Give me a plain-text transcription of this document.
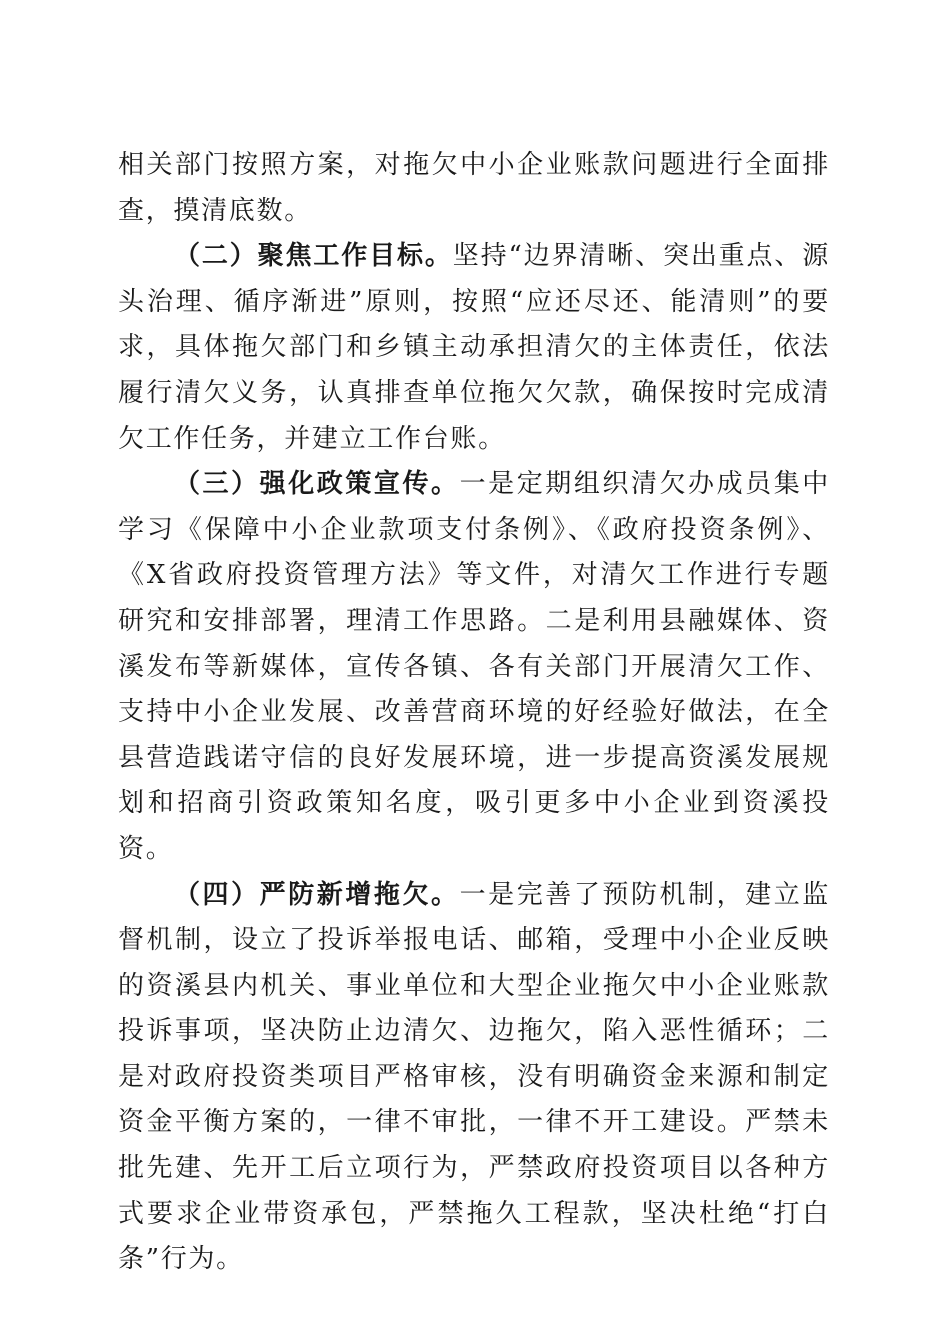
相关部门按照方案，对拖欠中小企业账款问题进行全面排查，摸清底数。

（二）聚焦工作目标。坚持“边界清晰、突出重点、源头治理、循序渐进”原则，按照“应还尽还、能清则”的要求，具体拖欠部门和乡镇主动承担清欠的主体责任，依法履行清欠义务，认真排查单位拖欠欠款，确保按时完成清欠工作任务，并建立工作台账。

（三）强化政策宣传。一是定期组织清欠办成员集中学习《保障中小企业款项支付条例》、《政府投资条例》、《X省政府投资管理方法》等文件，对清欠工作进行专题研究和安排部署，理清工作思路。二是利用县融媒体、资溪发布等新媒体，宣传各镇、各有关部门开展清欠工作、支持中小企业发展、改善营商环境的好经验好做法，在全县营造践诺守信的良好发展环境，进一步提高资溪发展规划和招商引资政策知名度，吸引更多中小企业到资溪投资。

（四）严防新增拖欠。一是完善了预防机制，建立监督机制，设立了投诉举报电话、邮箱，受理中小企业反映的资溪县内机关、事业单位和大型企业拖欠中小企业账款投诉事项，坚决防止边清欠、边拖欠，陷入恶性循环；二是对政府投资类项目严格审核，没有明确资金来源和制定资金平衡方案的，一律不审批，一律不开工建设。严禁未批先建、先开工后立项行为，严禁政府投资项目以各种方式要求企业带资承包，严禁拖久工程款，坚决杜绝“打白条”行为。
